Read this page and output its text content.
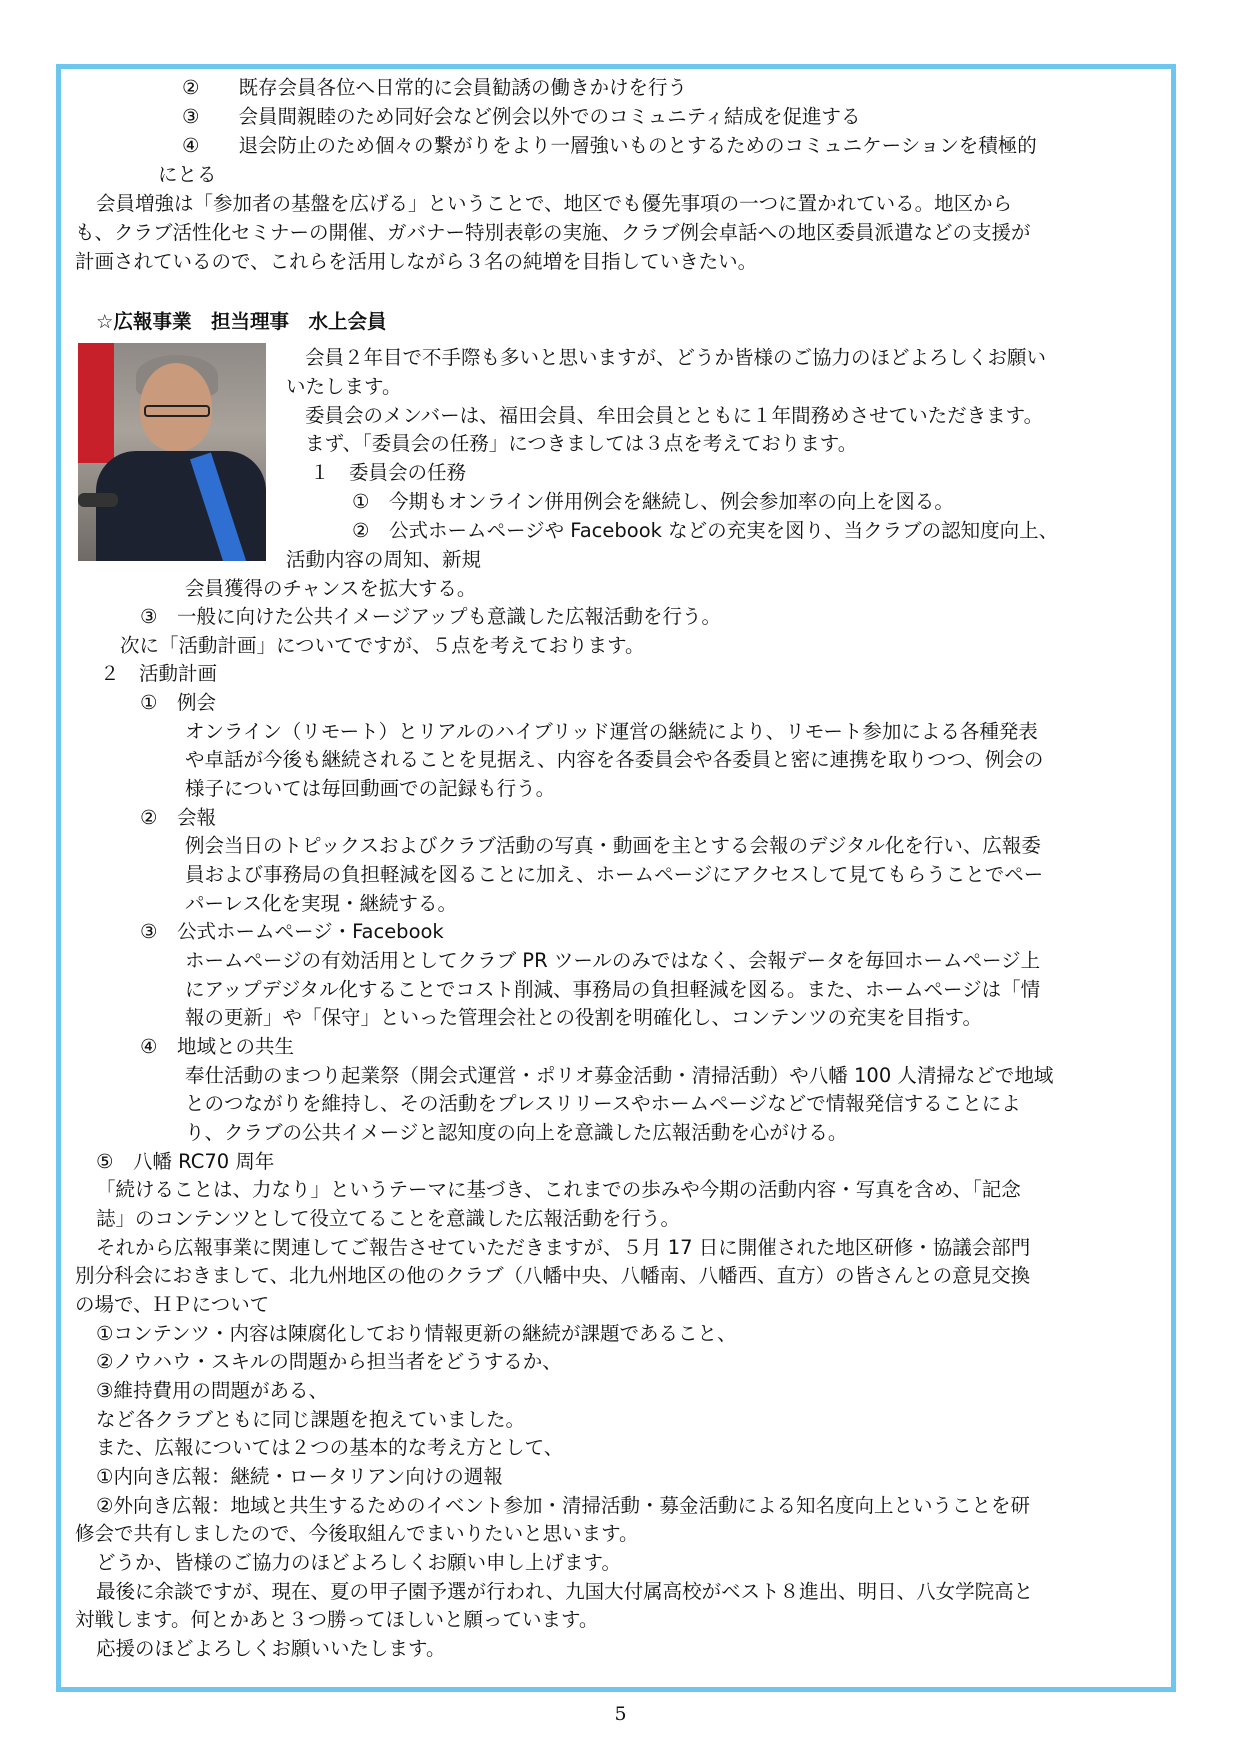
②　　既存会員各位へ日常的に会員勧誘の働きかけを行う
③　　会員間親睦のため同好会など例会以外でのコミュニティ結成を促進する
④　　退会防止のため個々の繋がりをより一層強いものとするためのコミュニケーションを積極的
にとる
会員増強は「参加者の基盤を広げる」ということで、地区でも優先事項の一つに置かれている。地区から
も、クラブ活性化セミナーの開催、ガバナー特別表彰の実施、クラブ例会卓話への地区委員派遣などの支援が
計画されているので、これらを活用しながら３名の純増を目指していきたい。
☆広報事業　担当理事　水上会員
会員２年目で不手際も多いと思いますが、どうか皆様のご協力のほどよろしくお願い
いたします。
委員会のメンバーは、福田会員、牟田会員とともに１年間務めさせていただきます。
まず、「委員会の任務」につきましては３点を考えております。
１　委員会の任務
①　今期もオンライン併用例会を継続し、例会参加率の向上を図る。
②　公式ホームページや Facebook などの充実を図り、当クラブの認知度向上、
活動内容の周知、新規
会員獲得のチャンスを拡大する。
③　一般に向けた公共イメージアップも意識した広報活動を行う。
次に「活動計画」についてですが、５点を考えております。
２　活動計画
①　例会
オンライン（リモート）とリアルのハイブリッド運営の継続により、リモート参加による各種発表
や卓話が今後も継続されることを見据え、内容を各委員会や各委員と密に連携を取りつつ、例会の
様子については毎回動画での記録も行う。
②　会報
例会当日のトピックスおよびクラブ活動の写真・動画を主とする会報のデジタル化を行い、広報委
員および事務局の負担軽減を図ることに加え、ホームページにアクセスして見てもらうことでペー
パーレス化を実現・継続する。
③　公式ホームページ・Facebook
ホームページの有効活用としてクラブ PR ツールのみではなく、会報データを毎回ホームページ上
にアップデジタル化することでコスト削減、事務局の負担軽減を図る。また、ホームページは「情
報の更新」や「保守」といった管理会社との役割を明確化し、コンテンツの充実を目指す。
④　地域との共生
奉仕活動のまつり起業祭（開会式運営・ポリオ募金活動・清掃活動）や八幡 100 人清掃などで地域
とのつながりを維持し、その活動をプレスリリースやホームページなどで情報発信することによ
り、クラブの公共イメージと認知度の向上を意識した広報活動を心がける。
⑤　八幡 RC70 周年
「続けることは、力なり」というテーマに基づき、これまでの歩みや今期の活動内容・写真を含め、「記念
誌」のコンテンツとして役立てることを意識した広報活動を行う。
それから広報事業に関連してご報告させていただきますが、５月 17 日に開催された地区研修・協議会部門
別分科会におきまして、北九州地区の他のクラブ（八幡中央、八幡南、八幡西、直方）の皆さんとの意見交換
の場で、ＨＰについて
①コンテンツ・内容は陳腐化しており情報更新の継続が課題であること、
②ノウハウ・スキルの問題から担当者をどうするか、
③維持費用の問題がある、
など各クラブともに同じ課題を抱えていました。
また、広報については２つの基本的な考え方として、
①内向き広報：継続・ロータリアン向けの週報
②外向き広報：地域と共生するためのイベント参加・清掃活動・募金活動による知名度向上ということを研
修会で共有しましたので、今後取組んでまいりたいと思います。
どうか、皆様のご協力のほどよろしくお願い申し上げます。
最後に余談ですが、現在、夏の甲子園予選が行われ、九国大付属高校がベスト８進出、明日、八女学院高と
対戦します。何とかあと３つ勝ってほしいと願っています。
応援のほどよろしくお願いいたします。
5
